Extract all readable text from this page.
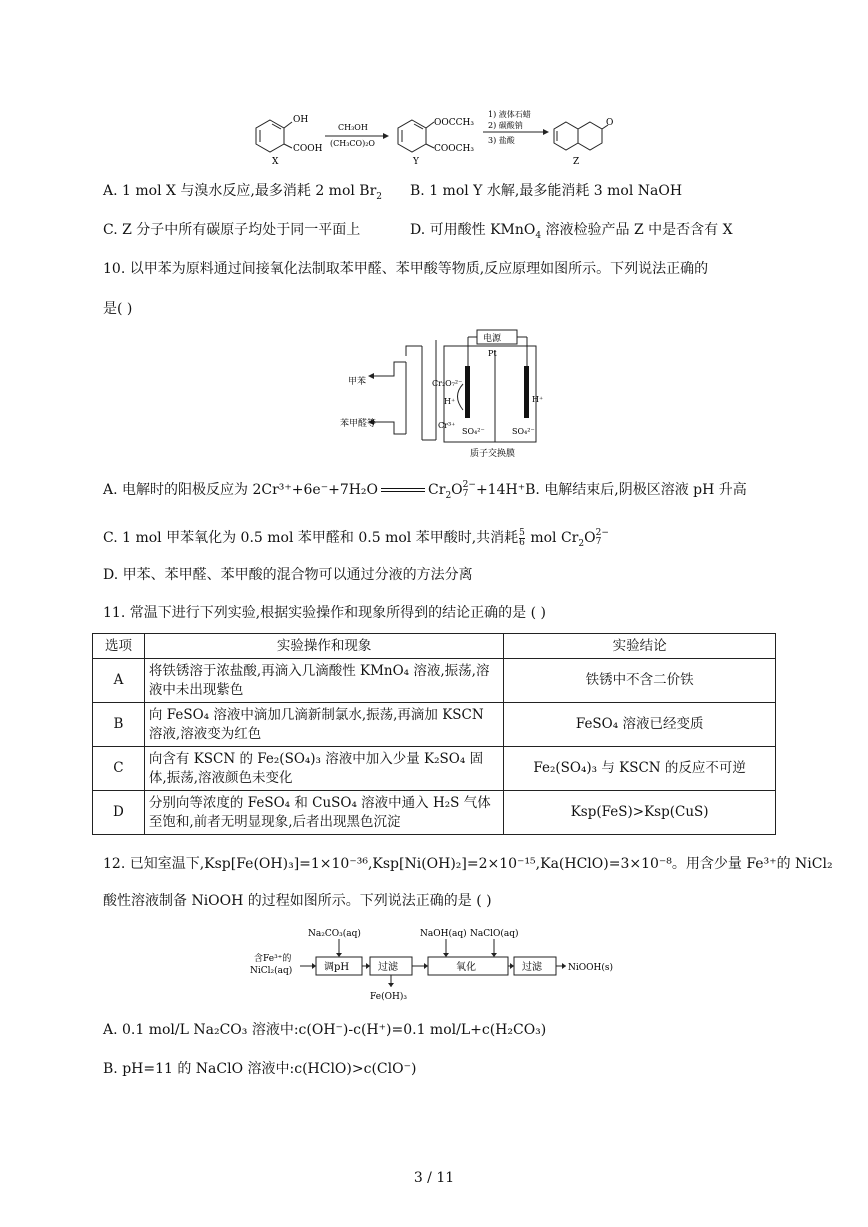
OH
COOH
X
CH₃OH
(CH₃CO)₂O
OOCCH₃
COOCH₃
Y
1) 液体石蜡
2) 碳酸钠
3) 盐酸
O
Z
A. 1 mol X 与溴水反应,最多消耗 2 mol $Br_2$ B. 1 mol Y 水解,最多能消耗 3 mol NaOH
C. Z 分子中所有碳原子均处于同一平面上	D. 可用酸性 KMnO$_4$ 溶液检验产品 Z 中是否含有 X
10. 以甲苯为原料通过间接氧化法制取苯甲醛、苯甲酸等物质,反应原理如图所示。下列说法正确的
是( )
电源
Pt
甲苯
苯甲醛等
Cr₂O₇²⁻
H⁺
Cr³⁺
SO₄²⁻
H⁺
SO₄²⁻
质子交换膜
A. 电解时的阳极反应为 2Cr³⁺+6e⁻+7H₂O	$Cr_2O$ 2−
7 +14H⁺B. 电解结束后,阴极区溶液 pH 升高
C. 1 mol 甲苯氧化为 0.5 mol 苯甲醛和 0.5 mol 苯甲酸时,共消耗 $\frac{5}{6}$ mol $Cr_2O$ 2−
7
D. 甲苯、苯甲醛、苯甲酸的混合物可以通过分液的方法分离
11. 常温下进行下列实验,根据实验操作和现象所得到的结论正确的是 ( )
选项	实验操作和现象	实验结论
A	将铁锈溶于浓盐酸,再滴入几滴酸性 KMnO₄ 溶液,振荡,溶液中未出现紫色	铁锈中不含二价铁
B	向 FeSO₄ 溶液中滴加几滴新制氯水,振荡,再滴加 KSCN 溶液,溶液变为红色	FeSO₄ 溶液已经变质
C	向含有 KSCN 的 Fe₂(SO₄)₃ 溶液中加入少量 K₂SO₄ 固体,振荡,溶液颜色未变化	Fe₂(SO₄)₃ 与 KSCN 的反应不可逆
D	分别向等浓度的 FeSO₄ 和 CuSO₄ 溶液中通入 H₂S 气体至饱和,前者无明显现象,后者出现黑色沉淀	Ksp(FeS)>Ksp(CuS)
12. 已知室温下,Ksp[Fe(OH)₃]=1×10⁻³⁶,Ksp[Ni(OH)₂]=2×10⁻¹⁵,Ka(HClO)=3×10⁻⁸。用含少量 Fe³⁺的 NiCl₂
酸性溶液制备 NiOOH 的过程如图所示。下列说法正确的是 ( )
含Fe³⁺的
NiCl₂(aq)
Na₂CO₃(aq)
调pH	过滤
Fe(OH)₃
NaOH(aq) NaClO(aq)
氧化	过滤	NiOOH(s)
A. 0.1 mol/L Na₂CO₃ 溶液中:c(OH⁻)-c(H⁺)=0.1 mol/L+c(H₂CO₃)
B. pH=11 的 NaClO 溶液中:c(HClO)>c(ClO⁻)
3 / 11
